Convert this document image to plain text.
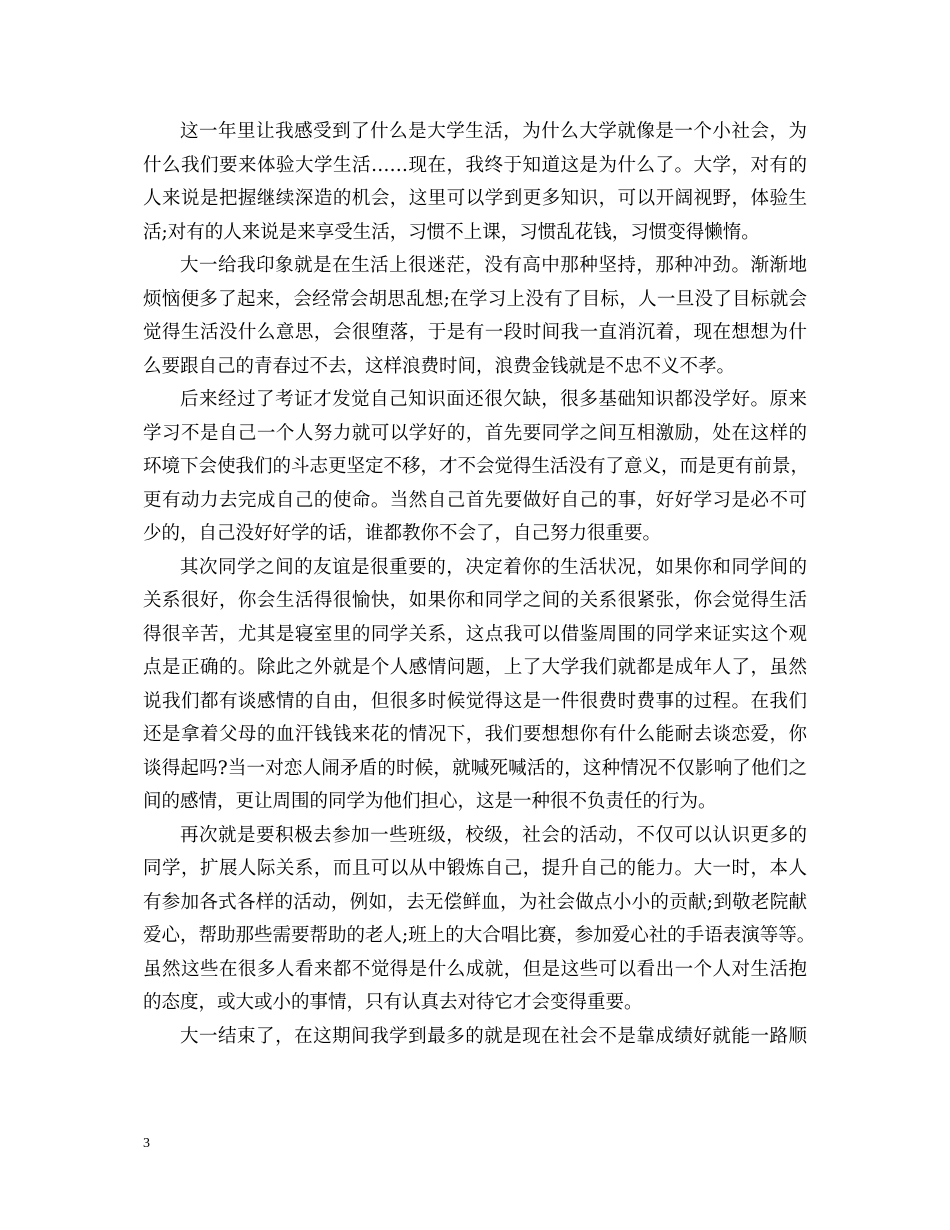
这一年里让我感受到了什么是大学生活，为什么大学就像是一个小社会，为
什么我们要来体验大学生活……现在，我终于知道这是为什么了。大学，对有的
人来说是把握继续深造的机会，这里可以学到更多知识，可以开阔视野，体验生
活;对有的人来说是来享受生活，习惯不上课，习惯乱花钱，习惯变得懒惰。
大一给我印象就是在生活上很迷茫，没有高中那种坚持，那种冲劲。渐渐地
烦恼便多了起来，会经常会胡思乱想;在学习上没有了目标，人一旦没了目标就会
觉得生活没什么意思，会很堕落，于是有一段时间我一直消沉着，现在想想为什
么要跟自己的青春过不去，这样浪费时间，浪费金钱就是不忠不义不孝。
后来经过了考证才发觉自己知识面还很欠缺，很多基础知识都没学好。原来
学习不是自己一个人努力就可以学好的，首先要同学之间互相激励，处在这样的
环境下会使我们的斗志更坚定不移，才不会觉得生活没有了意义，而是更有前景，
更有动力去完成自己的使命。当然自己首先要做好自己的事，好好学习是必不可
少的，自己没好好学的话，谁都教你不会了，自己努力很重要。
其次同学之间的友谊是很重要的，决定着你的生活状况，如果你和同学间的
关系很好，你会生活得很愉快，如果你和同学之间的关系很紧张，你会觉得生活
得很辛苦，尤其是寝室里的同学关系，这点我可以借鉴周围的同学来证实这个观
点是正确的。除此之外就是个人感情问题，上了大学我们就都是成年人了，虽然
说我们都有谈感情的自由，但很多时候觉得这是一件很费时费事的过程。在我们
还是拿着父母的血汗钱钱来花的情况下，我们要想想你有什么能耐去谈恋爱，你
谈得起吗?当一对恋人闹矛盾的时候，就喊死喊活的，这种情况不仅影响了他们之
间的感情，更让周围的同学为他们担心，这是一种很不负责任的行为。
再次就是要积极去参加一些班级，校级，社会的活动，不仅可以认识更多的
同学，扩展人际关系，而且可以从中锻炼自己，提升自己的能力。大一时，本人
有参加各式各样的活动，例如，去无偿鲜血，为社会做点小小的贡献;到敬老院献
爱心，帮助那些需要帮助的老人;班上的大合唱比赛，参加爱心社的手语表演等等。
虽然这些在很多人看来都不觉得是什么成就，但是这些可以看出一个人对生活抱
的态度，或大或小的事情，只有认真去对待它才会变得重要。
大一结束了，在这期间我学到最多的就是现在社会不是靠成绩好就能一路顺
3
